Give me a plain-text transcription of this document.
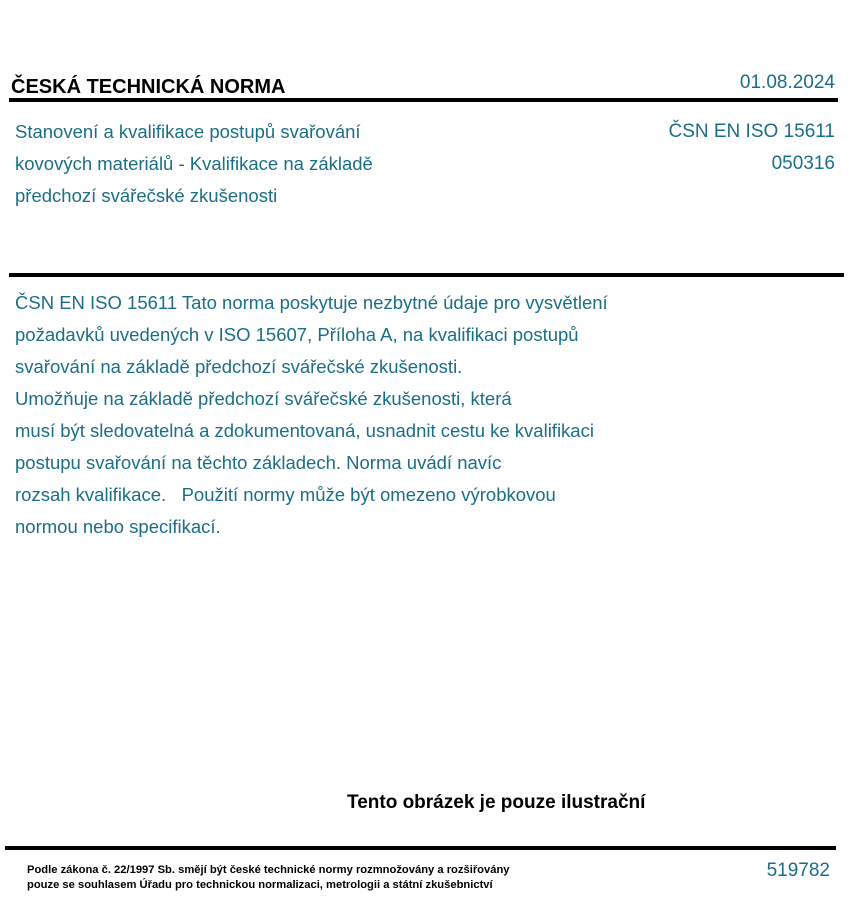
ČESKÁ TECHNICKÁ NORMA	01.08.2024
Stanovení a kvalifikace postupů svařování
kovových materiálů - Kvalifikace na základě
předchozí svářečské zkušenosti
ČSN EN ISO 15611
050316
ČSN EN ISO 15611 Tato norma poskytuje nezbytné údaje pro vysvětlení
požadavků uvedených v ISO 15607, Příloha A, na kvalifikaci postupů
svařování na základě předchozí svářečské zkušenosti.
Umožňuje na základě předchozí svářečské zkušenosti, která
musí být sledovatelná a zdokumentovaná, usnadnit cestu ke kvalifikaci
postupu svařování na těchto základech. Norma uvádí navíc
rozsah kvalifikace.   Použití normy může být omezeno výrobkovou
normou nebo specifikací.
Tento obrázek je pouze ilustrační
Podle zákona č. 22/1997 Sb. smějí být české technické normy rozmnožovány a rozšiřovány
pouze se souhlasem Úřadu pro technickou normalizaci, metrologii a státní zkušebnictví
519782
